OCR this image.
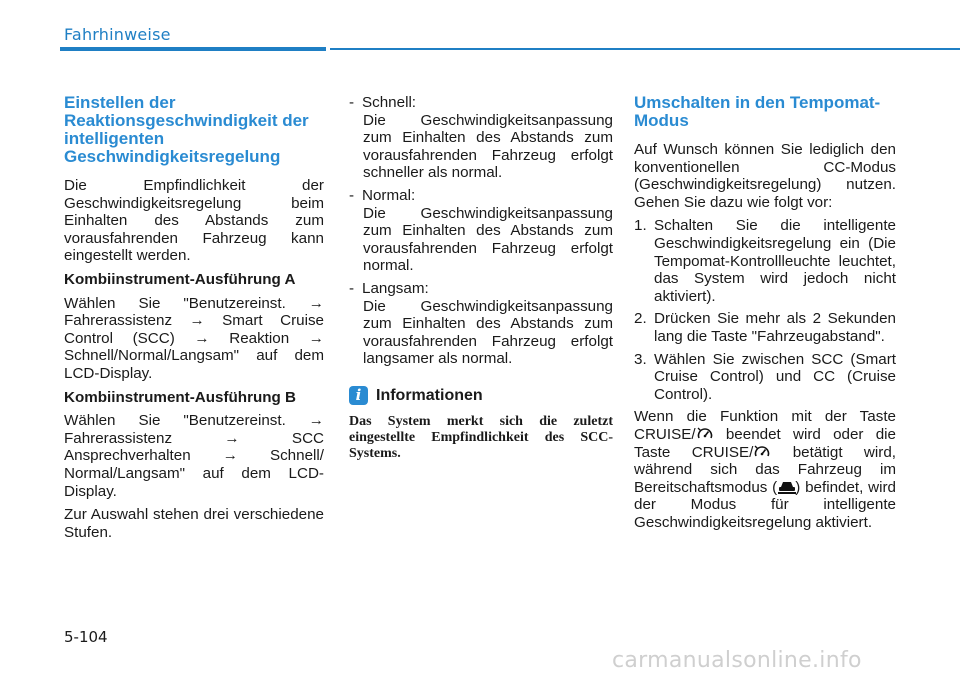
Fahrhinweise
Einstellen der Reaktionsgeschwindigkeit der intelligenten Geschwindigkeitsregelung

Die Empfindlichkeit der Geschwindigkeitsregelung beim Einhalten des Abstands zum vorausfahrenden Fahrzeug kann eingestellt werden.

Kombiinstrument-Ausführung A

Wählen Sie "Benutzereinst. → Fahrerassistenz → Smart Cruise Control (SCC) → Reaktion → Schnell/Normal/Langsam" auf dem LCD-Display.

Kombiinstrument-Ausführung B

Wählen Sie "Benutzereinst. → Fahrerassistenz → SCC Ansprechverhalten → Schnell/ Normal/Langsam" auf dem LCD-Display.

Zur Auswahl stehen drei verschiedene Stufen.

- Schnell:
Die Geschwindigkeitsanpassung zum Einhalten des Abstands zum vorausfahrenden Fahrzeug erfolgt schneller als normal.
- Normal:
Die Geschwindigkeitsanpassung zum Einhalten des Abstands zum vorausfahrenden Fahrzeug erfolgt normal.
- Langsam:
Die Geschwindigkeitsanpassung zum Einhalten des Abstands zum vorausfahrenden Fahrzeug erfolgt langsamer als normal.
i Informationen
Das System merkt sich die zuletzt eingestellte Empfindlichkeit des SCC-Systems.
Umschalten in den Tempomat-Modus

Auf Wunsch können Sie lediglich den konventionellen CC-Modus (Geschwindigkeitsregelung) nutzen. Gehen Sie dazu wie folgt vor:

1. Schalten Sie die intelligente Geschwindigkeitsregelung ein (Die Tempomat-Kontrollleuchte leuchtet, das System wird jedoch nicht aktiviert).
2. Drücken Sie mehr als 2 Sekunden lang die Taste "Fahrzeugabstand".
3. Wählen Sie zwischen SCC (Smart Cruise Control) und CC (Cruise Control).

Wenn die Funktion mit der Taste CRUISE/ beendet wird oder die Taste CRUISE/ betätigt wird, während sich das Fahrzeug im Bereitschaftsmodus ( ) befindet, wird der Modus für intelligente Geschwindigkeitsregelung aktiviert.

5-104
carmanualsonline.info
